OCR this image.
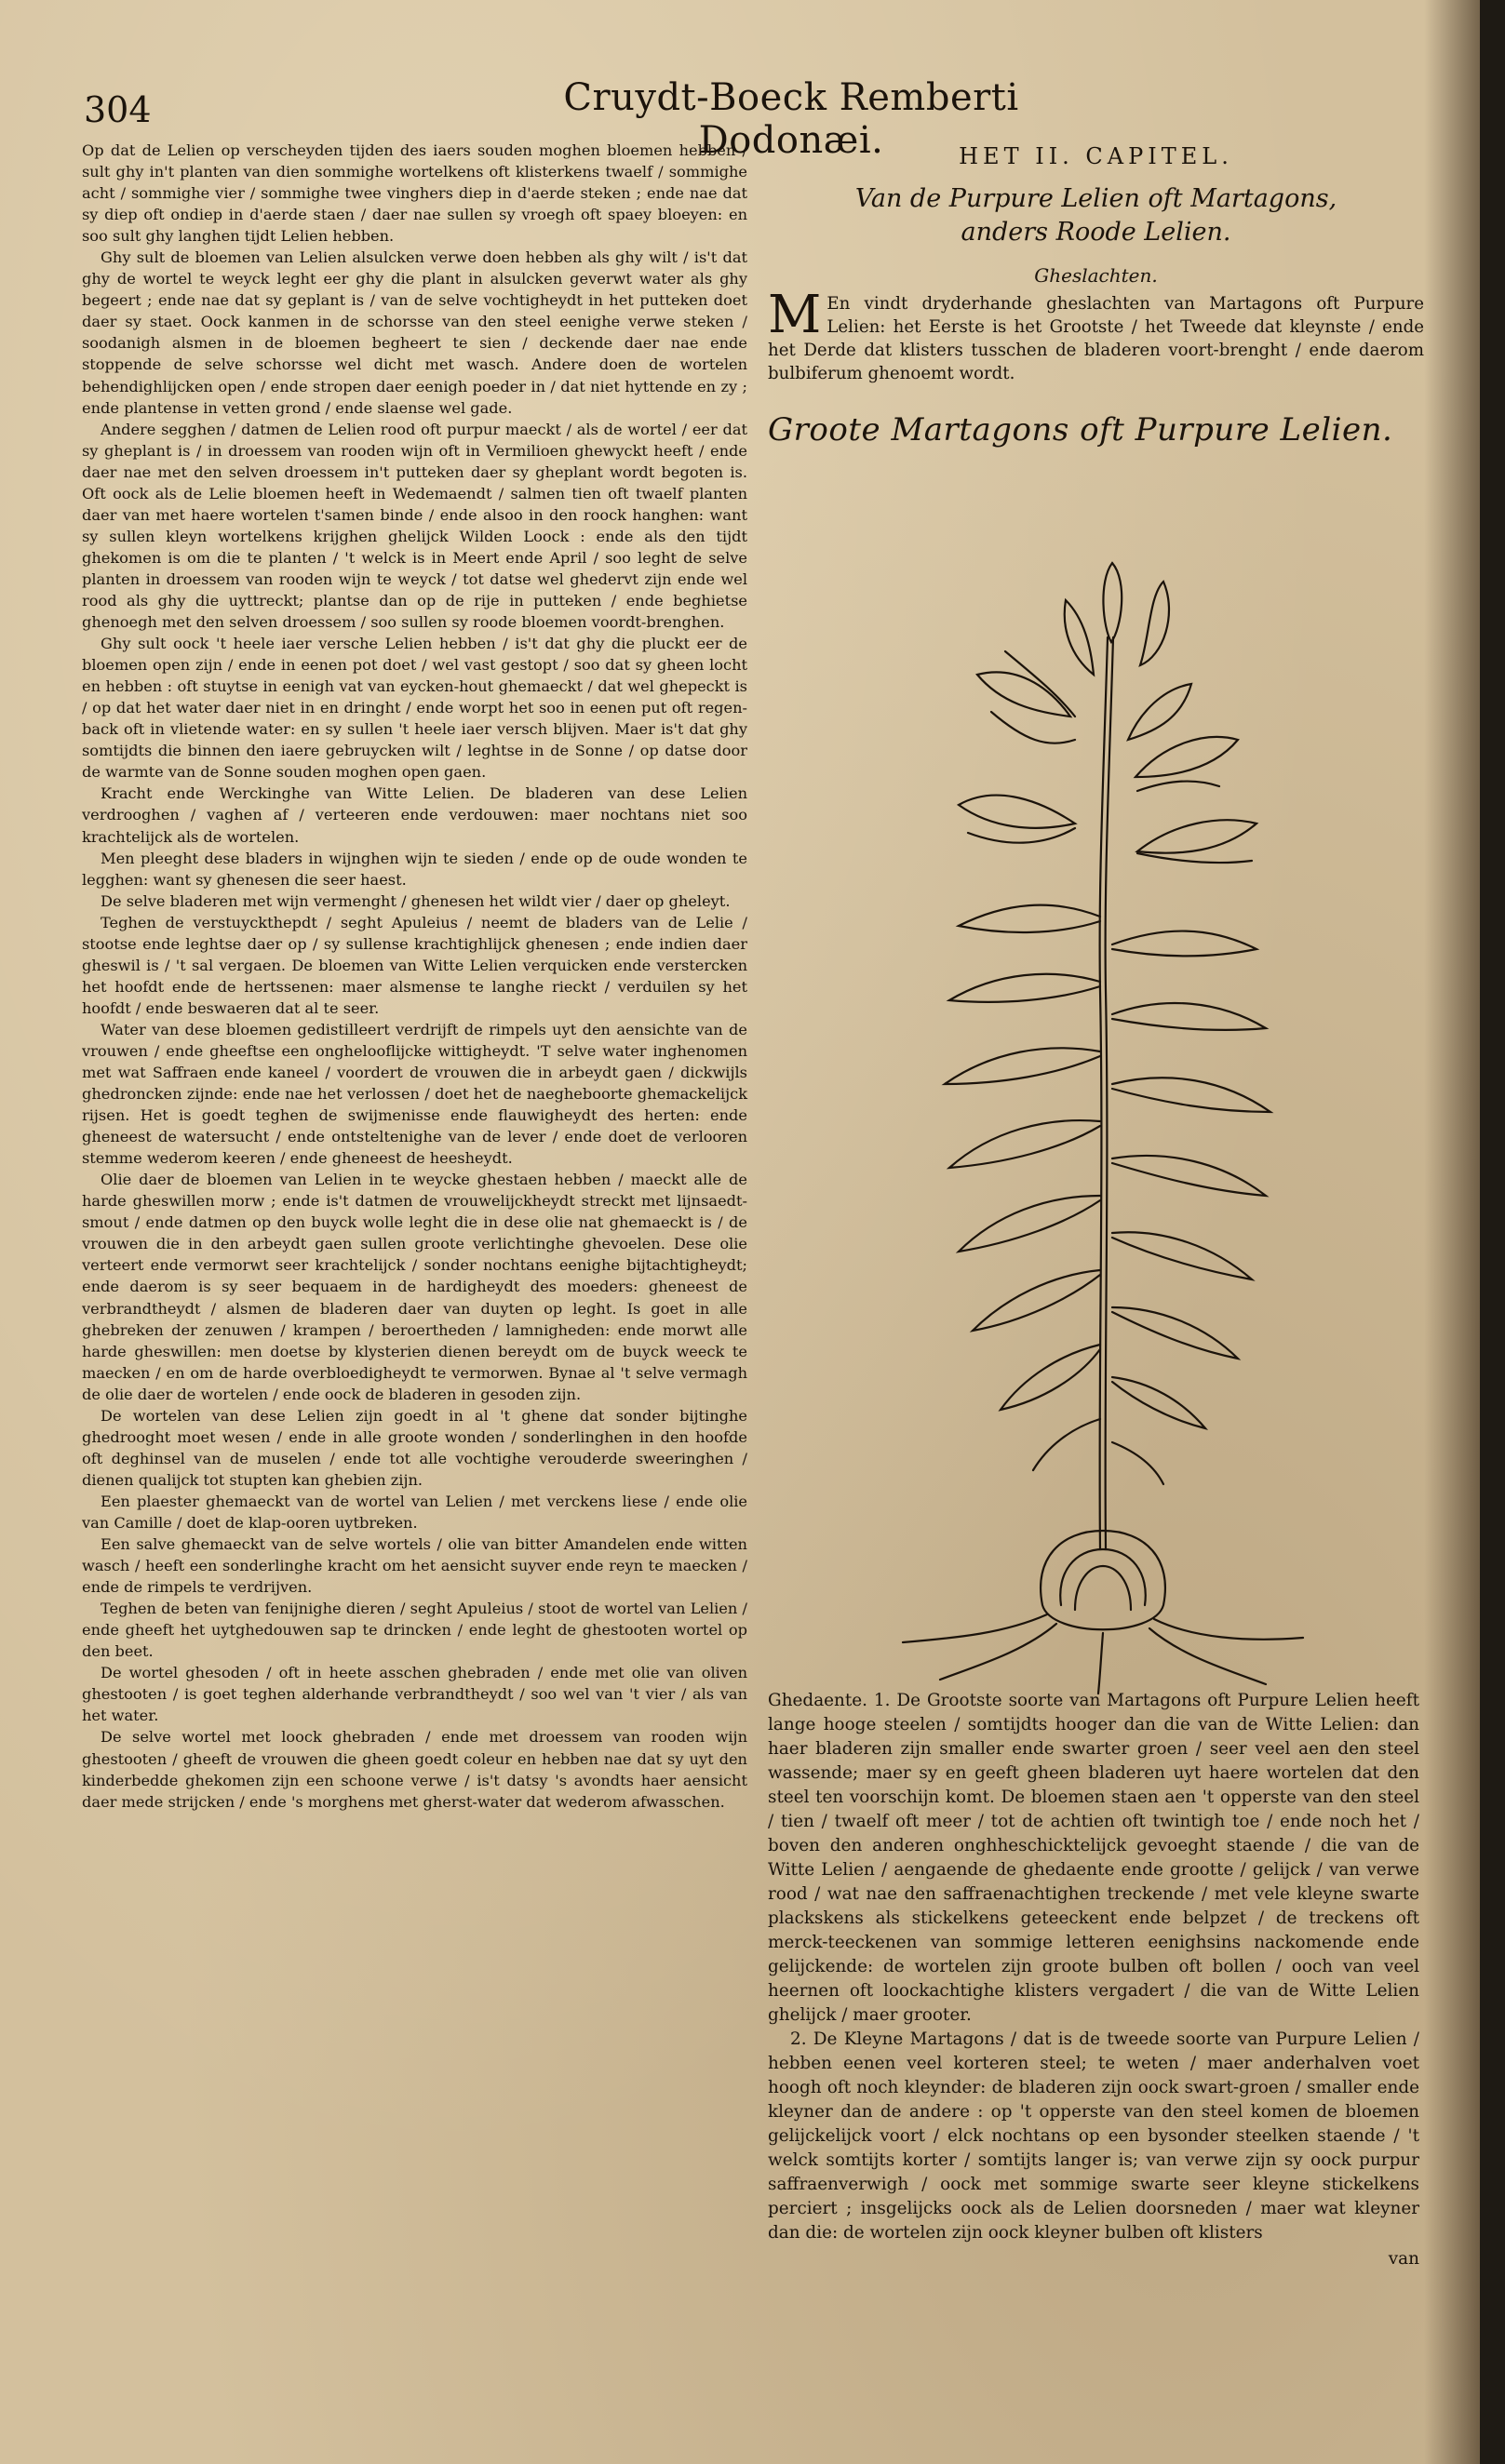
304	Cruydt-Boeck Remberti Dodonæi.

Op dat de Lelien op verscheyden tijden des iaers souden moghen bloemen hebben / sult ghy in't planten van dien sommighe wortelkens oft klisterkens twaelf / sommighe acht / sommighe vier / sommighe twee vinghers diep in d'aerde steken ; ende nae dat sy diep oft ondiep in d'aerde staen / daer nae sullen sy vroegh oft spaey bloeyen: en soo sult ghy langhen tijdt Lelien hebben.

Ghy sult de bloemen van Lelien alsulcken verwe doen hebben als ghy wilt / is't dat ghy de wortel te weyck leght eer ghy die plant in alsulcken geverwt water als ghy begeert ; ende nae dat sy geplant is / van de selve vochtigheydt in het putteken doet daer sy staet. Oock kanmen in de schorsse van den steel eenighe verwe steken / soodanigh alsmen in de bloemen begheert te sien / deckende daer nae ende stoppende de selve schorsse wel dicht met wasch. Andere doen de wortelen behendighlijcken open / ende stropen daer eenigh poeder in / dat niet hyttende en zy ; ende plantense in vetten grond / ende slaense wel gade.

Andere segghen / datmen de Lelien rood oft purpur maeckt / als de wortel / eer dat sy gheplant is / in droessem van rooden wijn oft in Vermilioen ghewyckt heeft / ende daer nae met den selven droessem in't putteken daer sy gheplant wordt begoten is. Oft oock als de Lelie bloemen heeft in Wedemaendt / salmen tien oft twaelf planten daer van met haere wortelen t'samen binde / ende alsoo in den roock hanghen: want sy sullen kleyn wortelkens krijghen ghelijck Wilden Loock : ende als den tijdt ghekomen is om die te planten / 't welck is in Meert ende April / soo leght de selve planten in droessem van rooden wijn te weyck / tot datse wel ghedervt zijn ende wel rood als ghy die uyttreckt; plantse dan op de rije in putteken / ende beghietse ghenoegh met den selven droessem / soo sullen sy roode bloemen voordt-brenghen.

Ghy sult oock 't heele iaer versche Lelien hebben / is't dat ghy die pluckt eer de bloemen open zijn / ende in eenen pot doet / wel vast gestopt / soo dat sy gheen locht en hebben : oft stuytse in eenigh vat van eycken-hout ghemaeckt / dat wel ghepeckt is / op dat het water daer niet in en dringht / ende worpt het soo in eenen put oft regen-back oft in vlietende water: en sy sullen 't heele iaer versch blijven. Maer is't dat ghy somtijdts die binnen den iaere gebruycken wilt / leghtse in de Sonne / op datse door de warmte van de Sonne souden moghen open gaen.

Kracht ende Werckinghe van Witte Lelien. De bladeren van dese Lelien verdrooghen / vaghen af / verteeren ende verdouwen: maer nochtans niet soo krachtelijck als de wortelen.

Men pleeght dese bladers in wijnghen wijn te sieden / ende op de oude wonden te legghen: want sy ghenesen die seer haest.

De selve bladeren met wijn vermenght / ghenesen het wildt vier / daer op gheleyt.

Teghen de verstuyckthepdt / seght Apuleius / neemt de bladers van de Lelie / stootse ende leghtse daer op / sy sullense krachtighlijck ghenesen ; ende indien daer gheswil is / 't sal vergaen. De bloemen van Witte Lelien verquicken ende verstercken het hoofdt ende de hertssenen: maer alsmense te langhe rieckt / verduilen sy het hoofdt / ende beswaeren dat al te seer.

Water van dese bloemen gedistilleert verdrijft de rimpels uyt den aensichte van de vrouwen / ende gheeftse een onghelooflijcke wittigheydt. 'T selve water inghenomen met wat Saffraen ende kaneel / voordert de vrouwen die in arbeydt gaen / dickwijls ghedroncken zijnde: ende nae het verlossen / doet het de naegheboorte ghemackelijck rijsen. Het is goedt teghen de swijmenisse ende flauwigheydt des herten: ende gheneest de watersucht / ende ontsteltenighe van de lever / ende doet de verlooren stemme wederom keeren / ende gheneest de heesheydt.

Olie daer de bloemen van Lelien in te weycke ghestaen hebben / maeckt alle de harde gheswillen morw ; ende is't datmen de vrouwelijckheydt streckt met lijnsaedt-smout / ende datmen op den buyck wolle leght die in dese olie nat ghemaeckt is / de vrouwen die in den arbeydt gaen sullen groote verlichtinghe ghevoelen. Dese olie verteert ende vermorwt seer krachtelijck / sonder nochtans eenighe bijtachtigheydt; ende daerom is sy seer bequaem in de hardigheydt des moeders: gheneest de verbrandtheydt / alsmen de bladeren daer van duyten op leght. Is goet in alle ghebreken der zenuwen / krampen / beroertheden / lamnigheden: ende morwt alle harde gheswillen: men doetse by klysterien dienen bereydt om de buyck weeck te maecken / en om de harde overbloedigheydt te vermorwen. Bynae al 't selve vermagh de olie daer de wortelen / ende oock de bladeren in gesoden zijn.

De wortelen van dese Lelien zijn goedt in al 't ghene dat sonder bijtinghe ghedrooght moet wesen / ende in alle groote wonden / sonderlinghen in den hoofde oft deghinsel van de muselen / ende tot alle vochtighe verouderde sweeringhen / dienen qualijck tot stupten kan ghebien zijn.

Een plaester ghemaeckt van de wortel van Lelien / met verckens liese / ende olie van Camille / doet de klap-ooren uytbreken.

Een salve ghemaeckt van de selve wortels / olie van bitter Amandelen ende witten wasch / heeft een sonderlinghe kracht om het aensicht suyver ende reyn te maecken / ende de rimpels te verdrijven.

Teghen de beten van fenijnighe dieren / seght Apuleius / stoot de wortel van Lelien / ende gheeft het uytghedouwen sap te drincken / ende leght de ghestooten wortel op den beet.

De wortel ghesoden / oft in heete asschen ghebraden / ende met olie van oliven ghestooten / is goet teghen alderhande verbrandtheydt / soo wel van 't vier / als van het water.

De selve wortel met loock ghebraden / ende met droessem van rooden wijn ghestooten / gheeft de vrouwen die gheen goedt coleur en hebben nae dat sy uyt den kinderbedde ghekomen zijn een schoone verwe / is't datsy 's avondts haer aensicht daer mede strijcken / ende 's morghens met gherst-water dat wederom afwasschen.

HET II. CAPITEL.
Van de Purpure Lelien oft Martagons,
anders Roode Lelien.
Gheslachten.
M En vindt dryderhande gheslachten van Martagons oft Purpure Lelien: het Eerste is het Grootste / het Tweede dat kleynste / ende het Derde dat klisters tusschen de bladeren voort-brenght / ende daerom bulbiferum ghenoemt wordt.
Groote Martagons oft Purpure Lelien.

Ghedaente. 1. De Grootste soorte van Martagons oft Purpure Lelien heeft lange hooge steelen / somtijdts hooger dan die van de Witte Lelien: dan haer bladeren zijn smaller ende swarter groen / seer veel aen den steel wassende; maer sy en geeft gheen bladeren uyt haere wortelen dat den steel ten voorschijn komt. De bloemen staen aen 't opperste van den steel / tien / twaelf oft meer / tot de achtien oft twintigh toe / ende noch het / boven den anderen onghheschicktelijck gevoeght staende / die van de Witte Lelien / aengaende de ghedaente ende grootte / gelijck / van verwe rood / wat nae den saffraenachtighen treckende / met vele kleyne swarte plackskens als stickelkens geteeckent ende belpzet / de treckens oft merck-teeckenen van sommige letteren eenighsins nackomende ende gelijckende: de wortelen zijn groote bulben oft bollen / ooch van veel heernen oft loockachtighe klisters vergadert / die van de Witte Lelien ghelijck / maer grooter.

2. De Kleyne Martagons / dat is de tweede soorte van Purpure Lelien / hebben eenen veel korteren steel; te weten / maer anderhalven voet hoogh oft noch kleynder: de bladeren zijn oock swart-groen / smaller ende kleyner dan de andere : op 't opperste van den steel komen de bloemen gelijckelijck voort / elck nochtans op een bysonder steelken staende / 't welck somtijts korter / somtijts langer is; van verwe zijn sy oock purpur saffraenverwigh / oock met sommige swarte seer kleyne stickelkens perciert ; insgelijcks oock als de Lelien doorsneden / maer wat kleyner dan die: de wortelen zijn oock kleyner bulben oft klisters

van
